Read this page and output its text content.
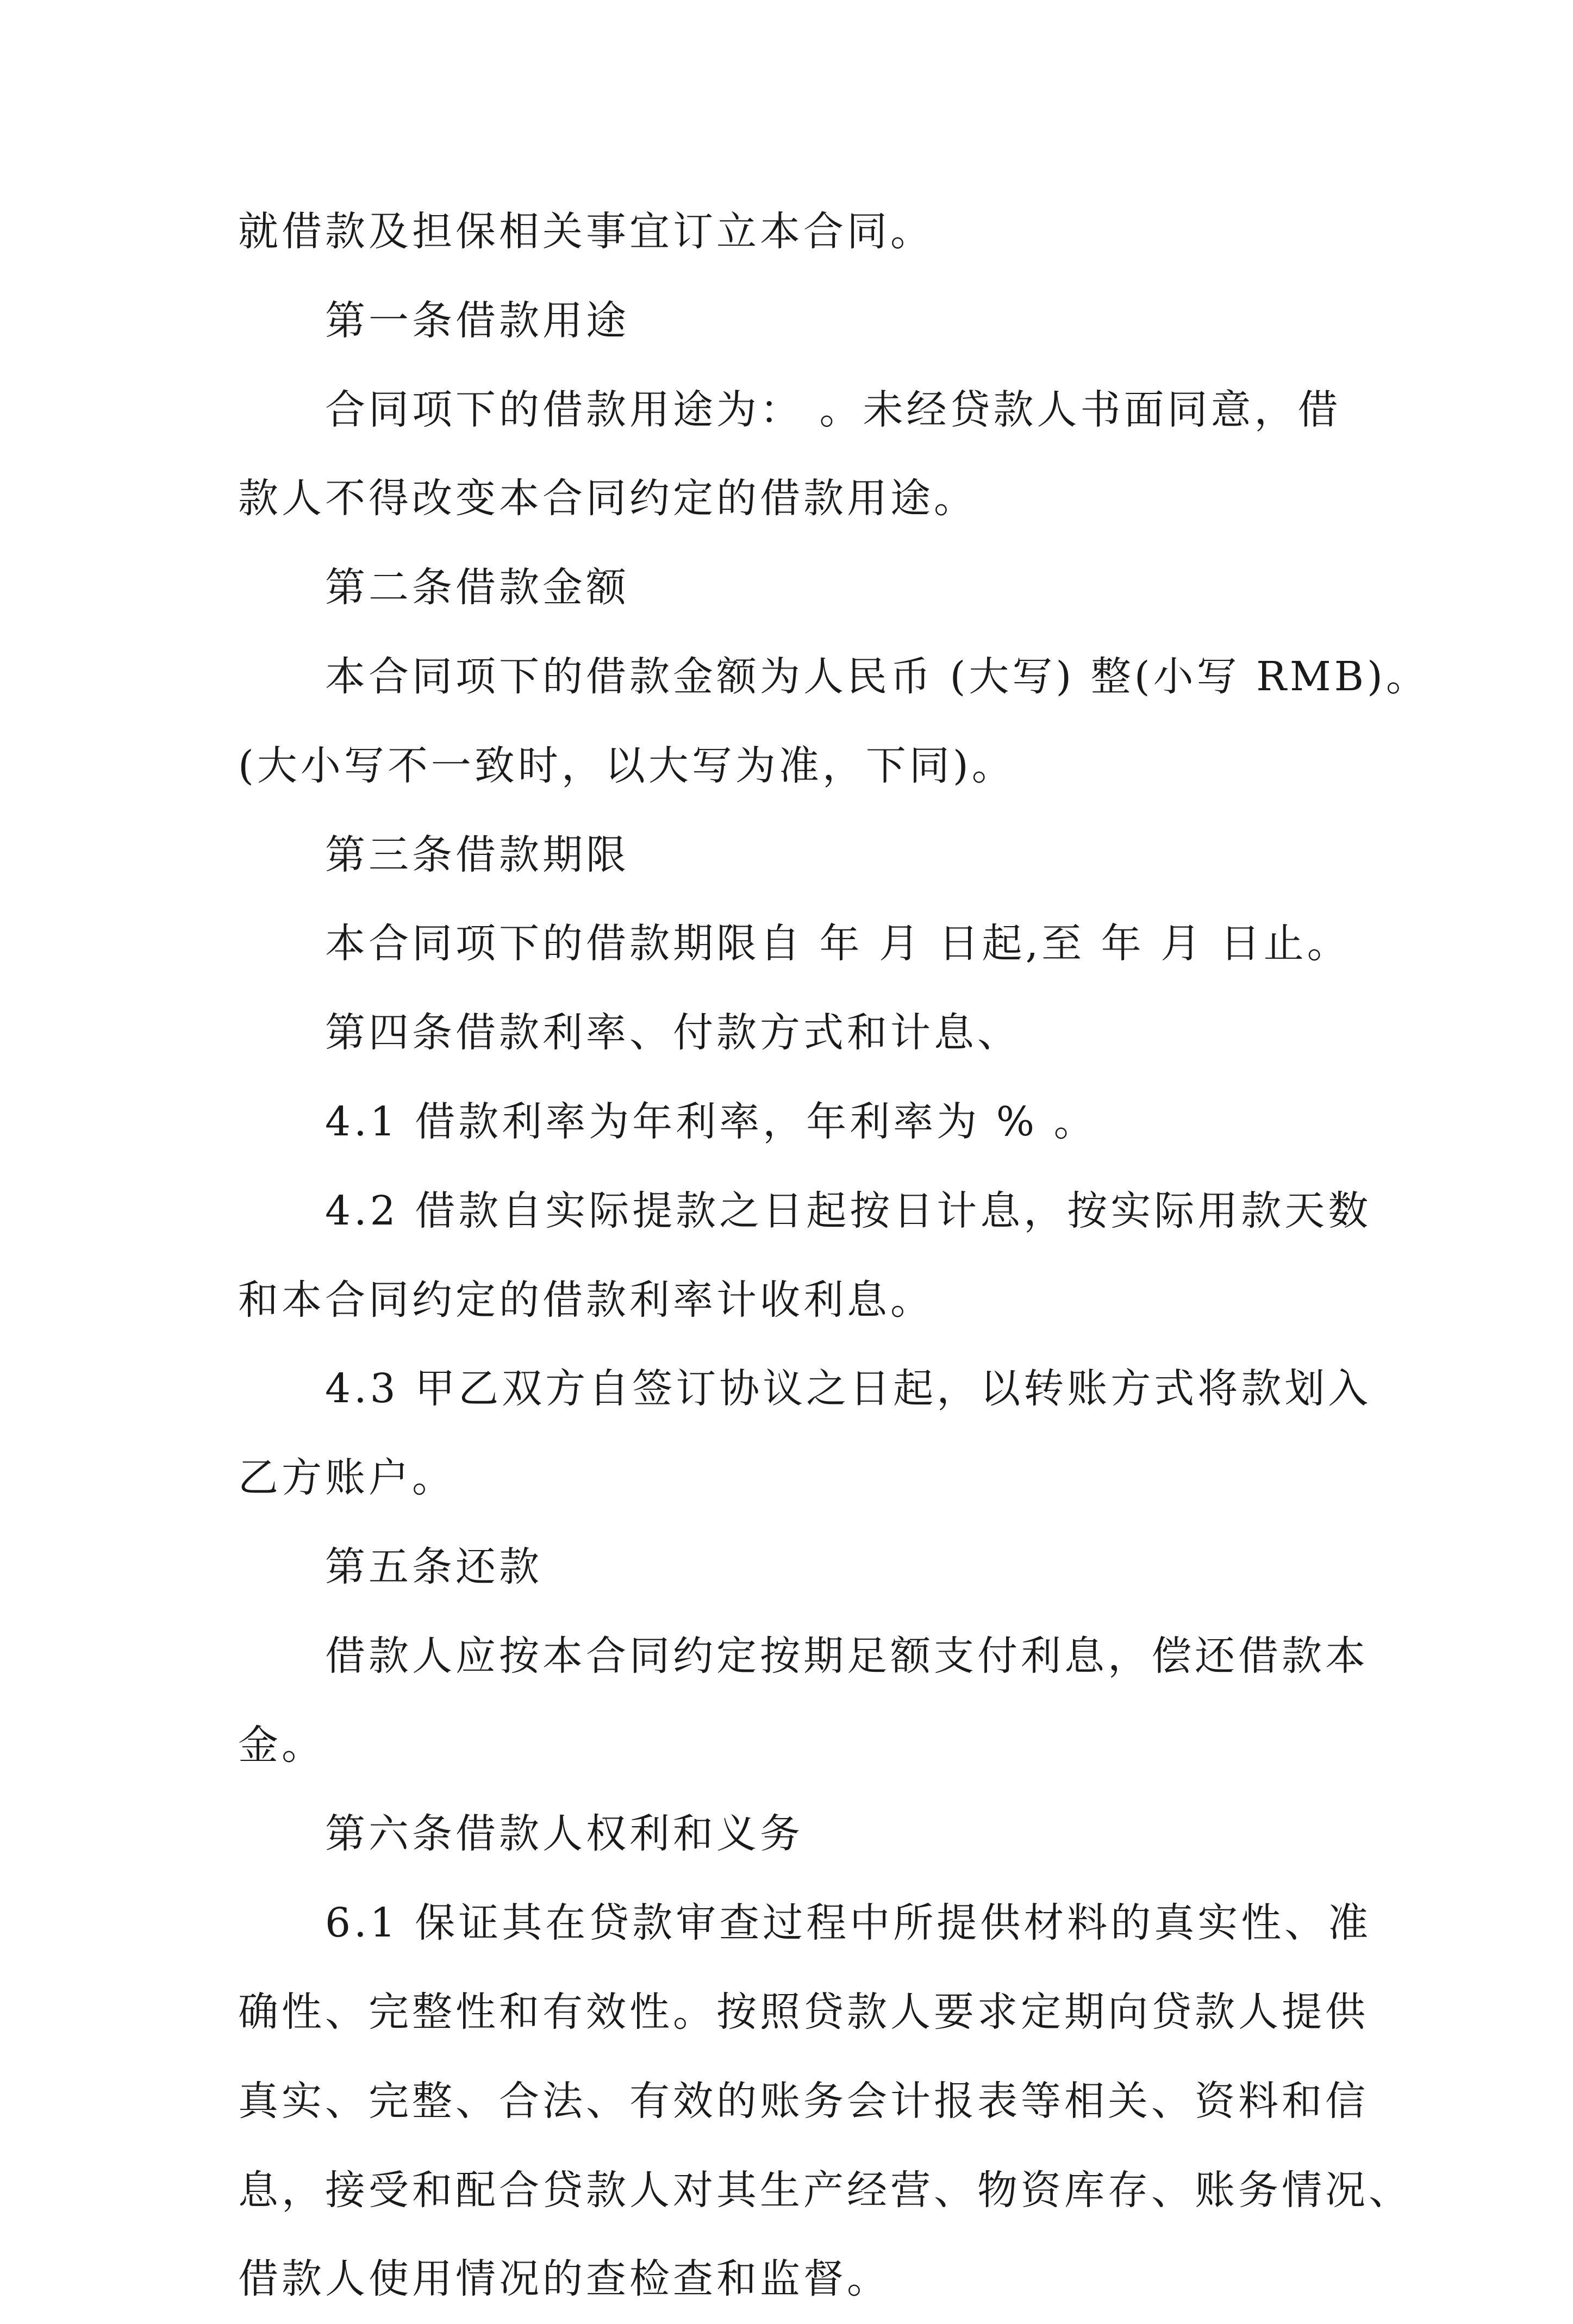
就借款及担保相关事宜订立本合同。
第一条借款用途
合同项下的借款用途为： 。未经贷款人书面同意，借
款人不得改变本合同约定的借款用途。
第二条借款金额
本合同项下的借款金额为人民币 (大写) 整(小写 RMB)。
(大小写不一致时，以大写为准，下同)。
第三条借款期限
本合同项下的借款期限自 年 月 日起,至 年 月 日止。
第四条借款利率、付款方式和计息、
4.1 借款利率为年利率，年利率为 % 。
4.2 借款自实际提款之日起按日计息，按实际用款天数
和本合同约定的借款利率计收利息。
4.3 甲乙双方自签订协议之日起，以转账方式将款划入
乙方账户。
第五条还款
借款人应按本合同约定按期足额支付利息，偿还借款本
金。
第六条借款人权利和义务
6.1 保证其在贷款审查过程中所提供材料的真实性、准
确性、完整性和有效性。按照贷款人要求定期向贷款人提供
真实、完整、合法、有效的账务会计报表等相关、资料和信
息，接受和配合贷款人对其生产经营、物资库存、账务情况、
借款人使用情况的查检查和监督。
